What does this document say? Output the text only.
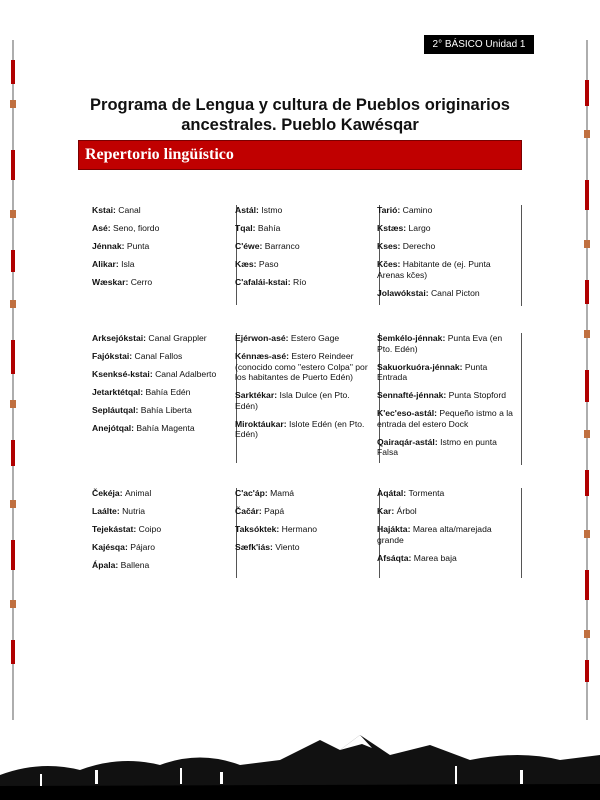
2° BÁSICO Unidad 1
Programa de Lengua y cultura de Pueblos originarios ancestrales. Pueblo Kawésqar
Repertorio lingüístico
Kstai: Canal
Asé: Seno, fiordo
Jénnak: Punta
Alikar: Isla
Wæskar: Cerro
Astál: Istmo
Tqal: Bahía
C'éwe: Barranco
Kæs: Paso
C'afalái-kstai: Río
Tarió: Camino
Kstæs: Largo
Kses: Derecho
Kčes: Habitante de (ej. Punta Arenas kčes)
Jolawókstai: Canal Picton
Arksejókstai: Canal Grappler
Fajókstai: Canal Fallos
Ksenksé-kstai: Canal Adalberto
Jetarktétqal: Bahía Edén
Sepláutqal: Bahía Liberta
Anejótqal: Bahía Magenta
Ejérwon-asé: Estero Gage
Kénnæs-asé: Estero Reindeer (conocido como "estero Colpa" por los habitantes de Puerto Edén)
Sarktékar: Isla Dulce (en Pto. Edén)
Miroktáukar: Islote Edén (en Pto. Edén)
Semkélo-jénnak: Punta Eva (en Pto. Edén)
Sakuorkuóra-jénnak: Punta Entrada
Sennafté-jénnak: Punta Stopford
K'ec'eso-astál: Pequeño istmo a la entrada del estero Dock
Qairaqár-astál: Istmo en punta Falsa
Čekéja: Animal
Laálte: Nutria
Tejekástat: Coipo
Kajésqa: Pájaro
Ápala: Ballena
C'ac'áp: Mamá
Čačár: Papá
Taksóktek: Hermano
Sæfk'iás: Viento
Aqátal: Tormenta
Kar: Árbol
Hajákta: Marea alta/marejada grande
Afsáqta: Marea baja
